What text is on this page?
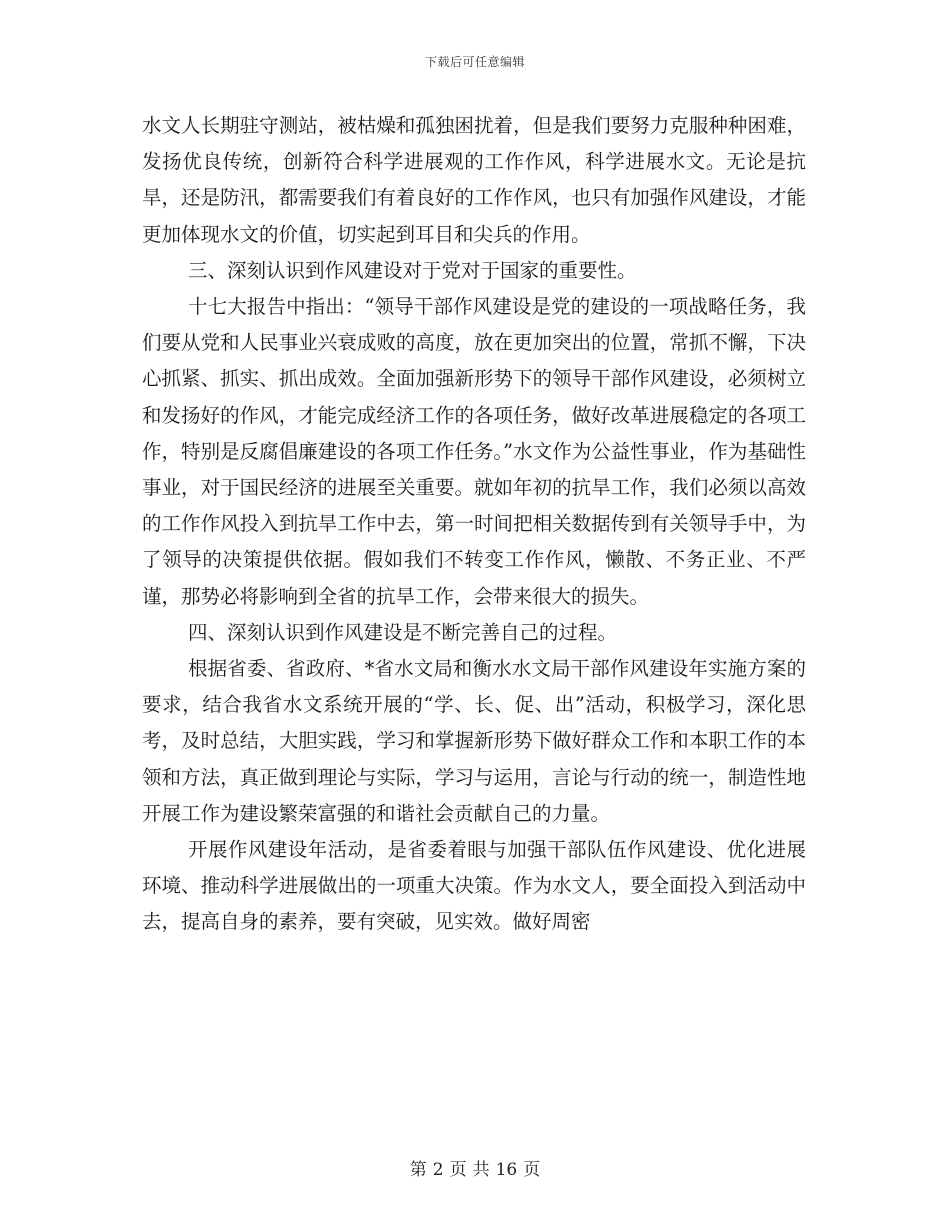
下载后可任意编辑

水文人长期驻守测站，被枯燥和孤独困扰着，但是我们要努力克服种种困难，发扬优良传统，创新符合科学进展观的工作作风，科学进展水文。无论是抗旱，还是防汛，都需要我们有着良好的工作作风，也只有加强作风建设，才能更加体现水文的价值，切实起到耳目和尖兵的作用。

三、深刻认识到作风建设对于党对于国家的重要性。

十七大报告中指出：“领导干部作风建设是党的建设的一项战略任务，我们要从党和人民事业兴衰成败的高度，放在更加突出的位置，常抓不懈，下决心抓紧、抓实、抓出成效。全面加强新形势下的领导干部作风建设，必须树立和发扬好的作风，才能完成经济工作的各项任务，做好改革进展稳定的各项工作，特别是反腐倡廉建设的各项工作任务。”水文作为公益性事业，作为基础性事业，对于国民经济的进展至关重要。就如年初的抗旱工作，我们必须以高效的工作作风投入到抗旱工作中去，第一时间把相关数据传到有关领导手中，为了领导的决策提供依据。假如我们不转变工作作风，懒散、不务正业、不严谨，那势必将影响到全省的抗旱工作，会带来很大的损失。

四、深刻认识到作风建设是不断完善自己的过程。

根据省委、省政府、*省水文局和衡水水文局干部作风建设年实施方案的要求，结合我省水文系统开展的“学、长、促、出”活动，积极学习，深化思考，及时总结，大胆实践，学习和掌握新形势下做好群众工作和本职工作的本领和方法，真正做到理论与实际，学习与运用，言论与行动的统一，制造性地开展工作为建设繁荣富强的和谐社会贡献自己的力量。

开展作风建设年活动，是省委着眼与加强干部队伍作风建设、优化进展环境、推动科学进展做出的一项重大决策。作为水文人，要全面投入到活动中去，提高自身的素养，要有突破，见实效。做好周密

第 2 页 共 16 页
